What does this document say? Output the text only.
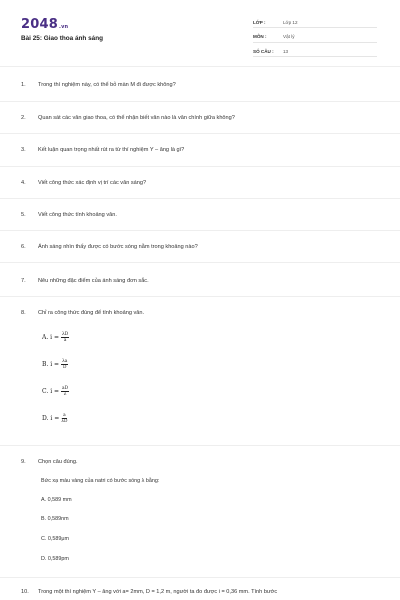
2048.vn
Bài 25: Giao thoa ánh sáng
LỚP :	Lớp 12
MÔN :	Vật lý
SỐ CÂU :	13
1.	Trong thí nghiệm này, có thể bỏ màn M đi được không?
2.	Quan sát các vân giao thoa, có thể nhận biết vân nào là vân chính giữa không?
3.	Kết luận quan trọng nhất rút ra từ thí nghiệm Y – âng là gì?
4.	Viết công thức xác định vị trí các vân sáng?
5.	Viết công thức tính khoảng vân.
6.	Ánh sáng nhìn thấy được có bước sóng nằm trong khoảng nào?
7.	Nêu những đặc điểm của ánh sáng đơn sắc.
8.	Chỉ ra công thức đúng để tính khoảng vân.
A. $i = \frac{\lambda D}{a}$
B. $i = \frac{\lambda a}{D}$
C. $i = \frac{aD}{\lambda}$
D. $i = \frac{a}{\lambda D}$
9.	Chọn câu đúng.
Bức xạ màu vàng của natri có bước sóng λ bằng:
A. 0,589 mm
B. 0,589nm
C. 0,589μm
D. 0,589pm
10.	Trong một thí nghiệm Y – âng với a= 2mm, D = 1,2 m, người ta đo được i = 0,36 mm. Tính bước
